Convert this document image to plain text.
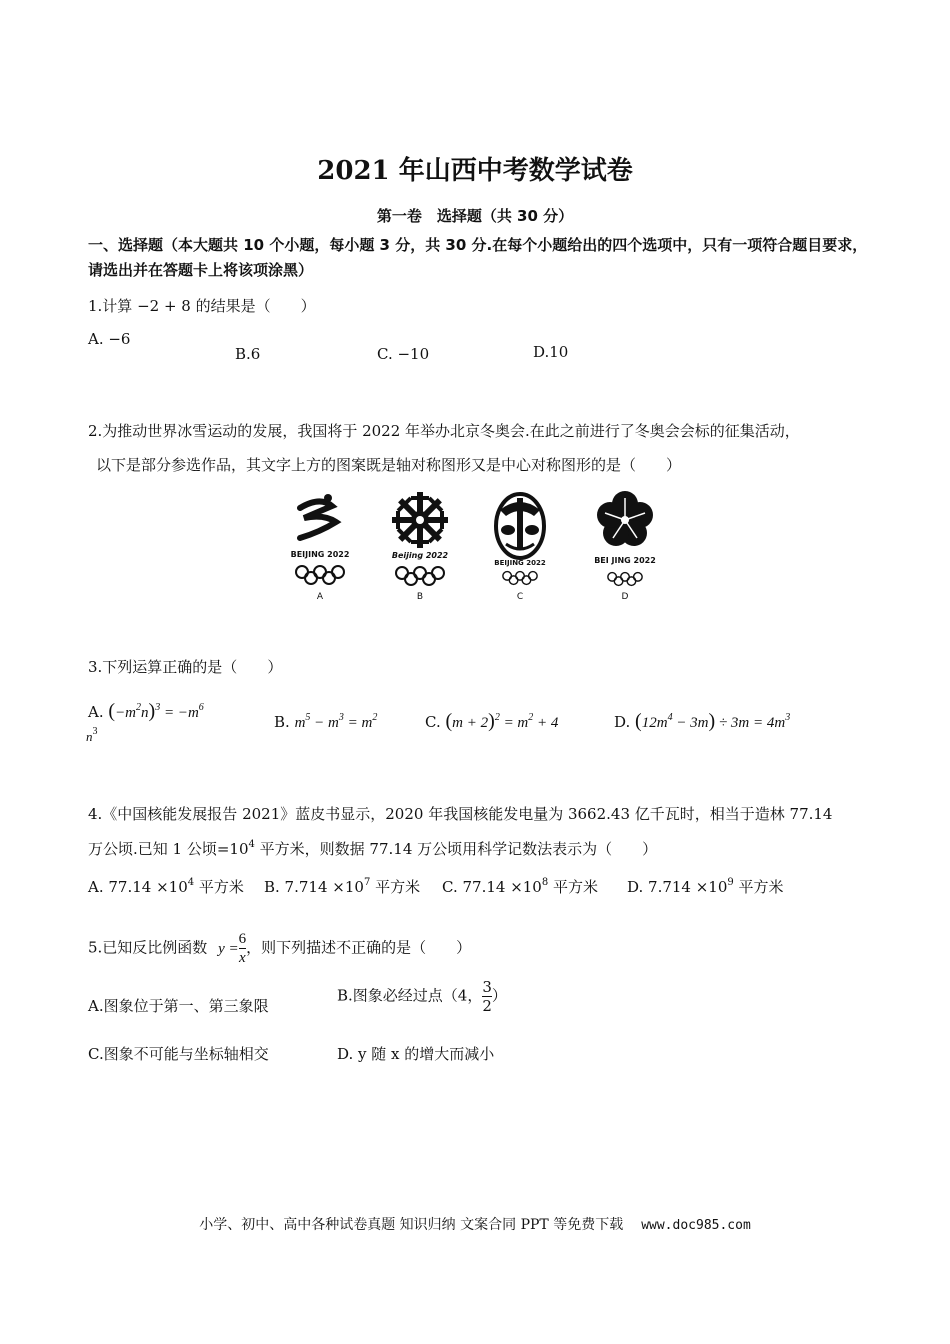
2021 年山西中考数学试卷
第一卷　选择题（共 30 分）
一、选择题（本大题共 10 个小题，每小题 3 分，共 30 分.在每个小题给出的四个选项中，只有一项符合题目要求，请选出并在答题卡上将该项涂黑）
1.计算 −2 + 8 的结果是（　　）
A. −6
B.6	C. −10	D.10
2.为推动世界冰雪运动的发展，我国将于 2022 年举办北京冬奥会.在此之前进行了冬奥会会标的征集活动，
以下是部分参选作品，其文字上方的图案既是轴对称图形又是中心对称图形的是（　　）
BEIJING 2022
A
Beijing 2022
B
BEIJING 2022
C
BEI JING 2022
D
3.下列运算正确的是（　　）
A. $(-m^2n)^3 = -m^6$
$n^3$
B. $m^5 - m^3 = m^2$	C. $(m + 2)^2 = m^2 + 4$	D. $(12m^4 - 3m) \div 3m = 4m^3$
4.《中国核能发展报告 2021》蓝皮书显示，2020 年我国核能发电量为 3662.43 亿千瓦时，相当于造林 77.14
万公顷.已知 1 公顷$=10^4$ 平方米，则数据 77.14 万公顷用科学记数法表示为（　　）
A. $77.14 \times 10^4$ 平方米 B. $7.714 \times 10^7$ 平方米 C. $77.14 \times 10^8$ 平方米 D. $7.714 \times 10^9$ 平方米
5.已知反比例函数 $y = \frac{6}{x}$ ，则下列描述不正确的是（　　）
A.图象位于第一、第三象限
B.图象必经过点（4， $\frac{3}{2}$ ）
C.图象不可能与坐标轴相交	D. y 随 x 的增大而减小
小学、初中、高中各种试卷真题 知识归纳 文案合同 PPT 等免费下载 www.doc985.com
